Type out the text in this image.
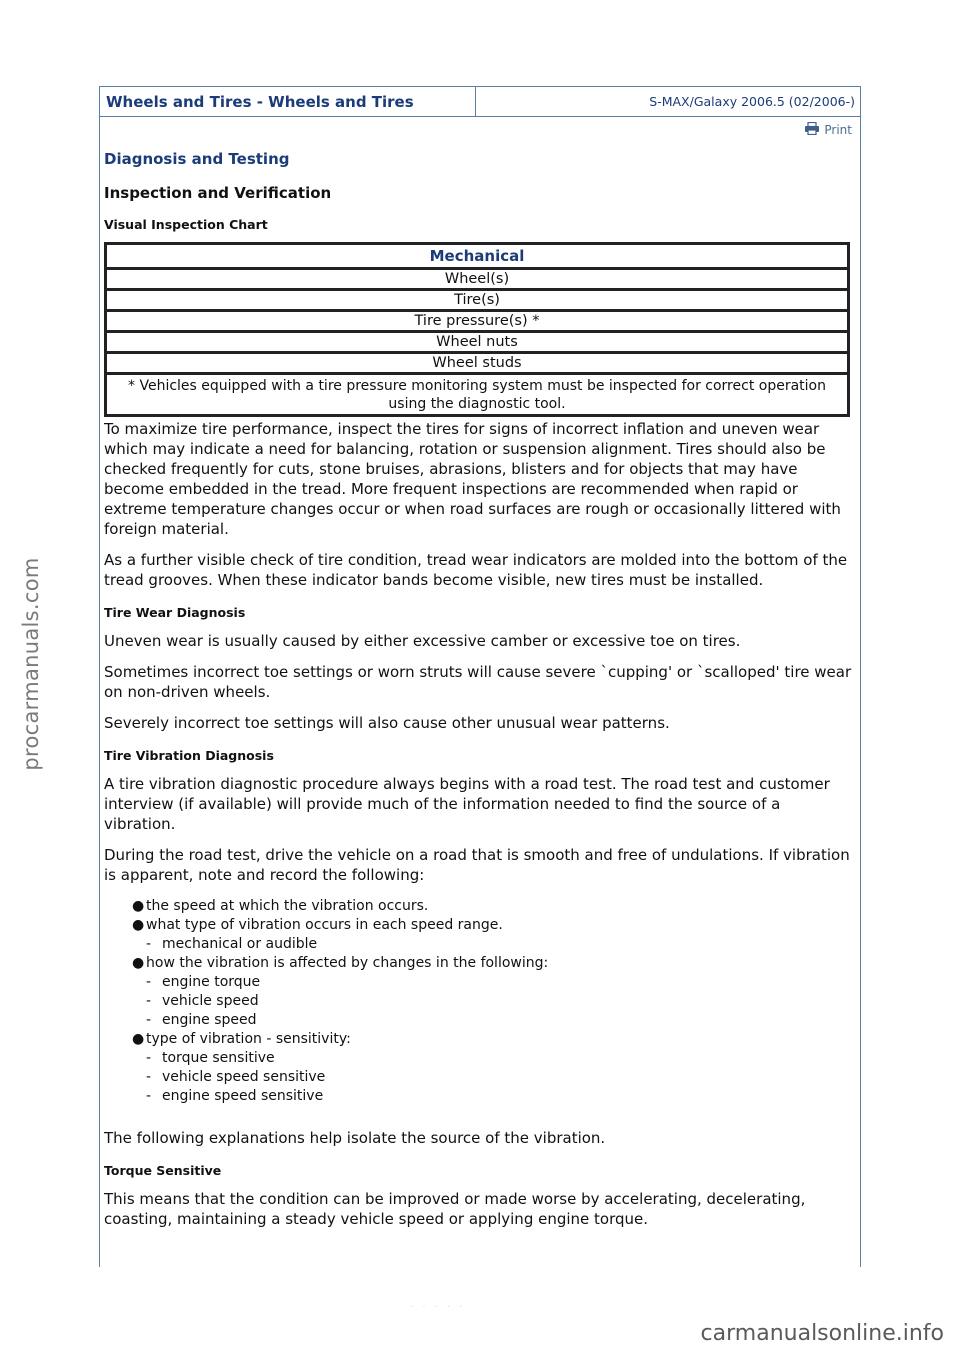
procarmanuals.com
Wheels and Tires - Wheels and Tires	S-MAX/Galaxy 2006.5 (02/2006-)
Print
Diagnosis and Testing
Inspection and Verification
Visual Inspection Chart
Mechanical
Wheel(s)
Tire(s)
Tire pressure(s) *
Wheel nuts
Wheel studs
* Vehicles equipped with a tire pressure monitoring system must be inspected for correct operation using the diagnostic tool.

To maximize tire performance, inspect the tires for signs of incorrect inflation and uneven wear which may indicate a need for balancing, rotation or suspension alignment. Tires should also be checked frequently for cuts, stone bruises, abrasions, blisters and for objects that may have become embedded in the tread. More frequent inspections are recommended when rapid or extreme temperature changes occur or when road surfaces are rough or occasionally littered with foreign material.

As a further visible check of tire condition, tread wear indicators are molded into the bottom of the tread grooves. When these indicator bands become visible, new tires must be installed.

Tire Wear Diagnosis

Uneven wear is usually caused by either excessive camber or excessive toe on tires.

Sometimes incorrect toe settings or worn struts will cause severe `cupping' or `scalloped' tire wear on non-driven wheels.

Severely incorrect toe settings will also cause other unusual wear patterns.

Tire Vibration Diagnosis

A tire vibration diagnostic procedure always begins with a road test. The road test and customer interview (if available) will provide much of the information needed to find the source of a vibration.

During the road test, drive the vehicle on a road that is smooth and free of undulations. If vibration is apparent, note and record the following:

● the speed at which the vibration occurs.
● what type of vibration occurs in each speed range.
- mechanical or audible
● how the vibration is affected by changes in the following:
- engine torque
- vehicle speed
- engine speed
● type of vibration - sensitivity:
- torque sensitive
- vehicle speed sensitive
- engine speed sensitive

The following explanations help isolate the source of the vibration.

Torque Sensitive

This means that the condition can be improved or made worse by accelerating, decelerating, coasting, maintaining a steady vehicle speed or applying engine torque.

· · · · ·
carmanualsonline.info
